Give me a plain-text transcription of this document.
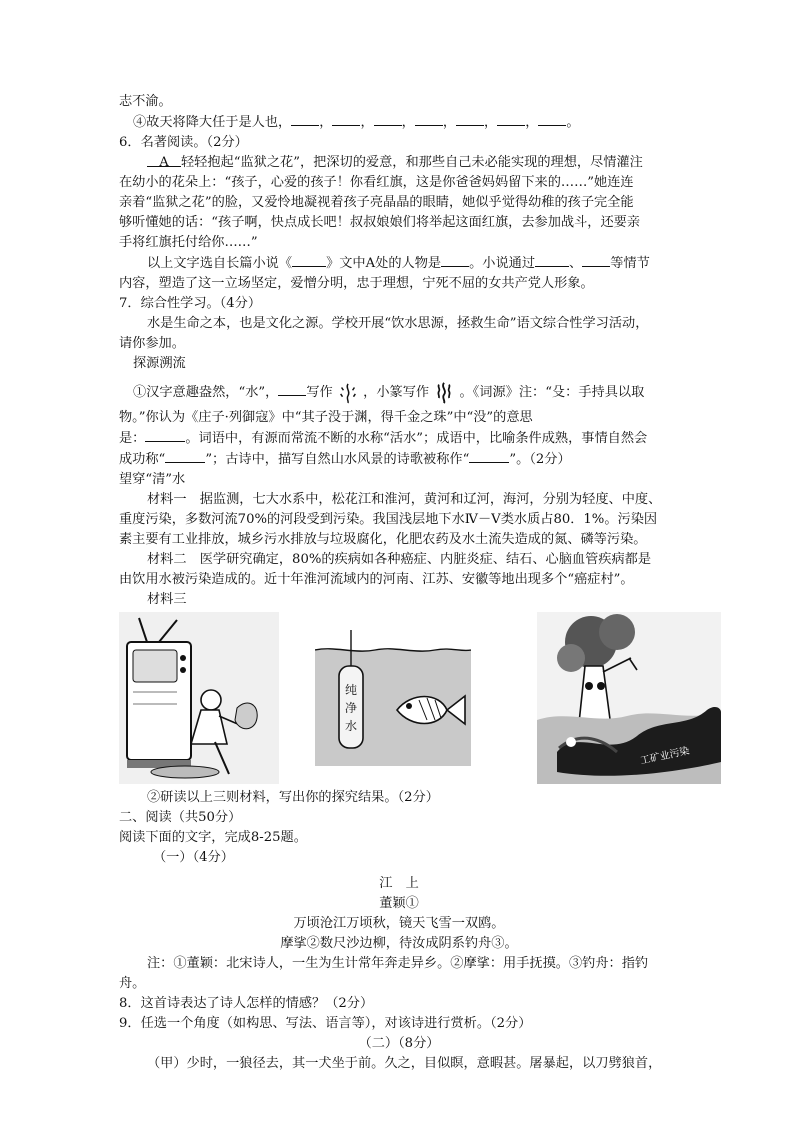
志不渝。

④故天将降大任于是人也， ， ， ， ， ， ， 。

6．名著阅读。（2分）

A 轻轻抱起“监狱之花”，把深切的爱意，和那些自己未必能实现的理想，尽情灌注

在幼小的花朵上：“孩子，心爱的孩子！你看红旗，这是你爸爸妈妈留下来的……”她连连

亲着“监狱之花”的脸，又爱怜地凝视着孩子亮晶晶的眼睛，她似乎觉得幼稚的孩子完全能

够听懂她的话：“孩子啊，快点成长吧！叔叔娘娘们将举起这面红旗，去参加战斗，还要亲

手将红旗托付给你……”

以上文字选自长篇小说《	》文中A处的人物是 。小说通过	、 等情节

内容，塑造了这一立场坚定，爱憎分明，忠于理想，宁死不屈的女共产党人形象。

7．综合性学习。（4分）

水是生命之本，也是文化之源。学校开展“饮水思源，拯救生命”语文综合性学习活动，

请你参加。

探源溯流

①汉字意趣盎然，“水”， 写作 ，小篆写作 。《词源》注：“殳：手持具以取

物。”你认为《庄子·列御寇》中“其子没于渊，得千金之珠”中“没”的意思

是：	。词语中，有源而常流不断的水称“活水”；成语中，比喻条件成熟，事情自然会

成功称“	”；古诗中，描写自然山水风景的诗歌被称作“	”。（2分）

望穿“清”水

材料一　据监测，七大水系中，松花江和淮河，黄河和辽河，海河，分别为轻度、中度、

重度污染，多数河流70%的河段受到污染。我国浅层地下水Ⅳ－Ⅴ类水质占80．1%。污染因

素主要有工业排放，城乡污水排放与垃圾腐化，化肥农药及水土流失造成的氮、磷等污染。

材料二　医学研究确定，80%的疾病如各种癌症、内脏炎症、结石、心脑血管疾病都是

由饮用水被污染造成的。近十年淮河流域内的河南、江苏、安徽等地出现多个“癌症村”。

材料三

纯
净
水
工矿业污染

②研读以上三则材料，写出你的探究结果。（2分）

二、阅读（共50分）

阅读下面的文字，完成8-25题。

（一）（4分）

江　上

董颖①

万顷沧江万顷秋，镜天飞雪一双鸥。

摩挲②数尺沙边柳，待汝成阴系钓舟③。

注：①董颖：北宋诗人，一生为生计常年奔走异乡。②摩挲：用手抚摸。③钓舟：指钓

舟。

8．这首诗表达了诗人怎样的情感？（2分）

9．任选一个角度（如构思、写法、语言等），对该诗进行赏析。（2分）

（二）（8分）

（甲）少时，一狼径去，其一犬坐于前。久之，目似瞑，意暇甚。屠暴起，以刀劈狼首，
